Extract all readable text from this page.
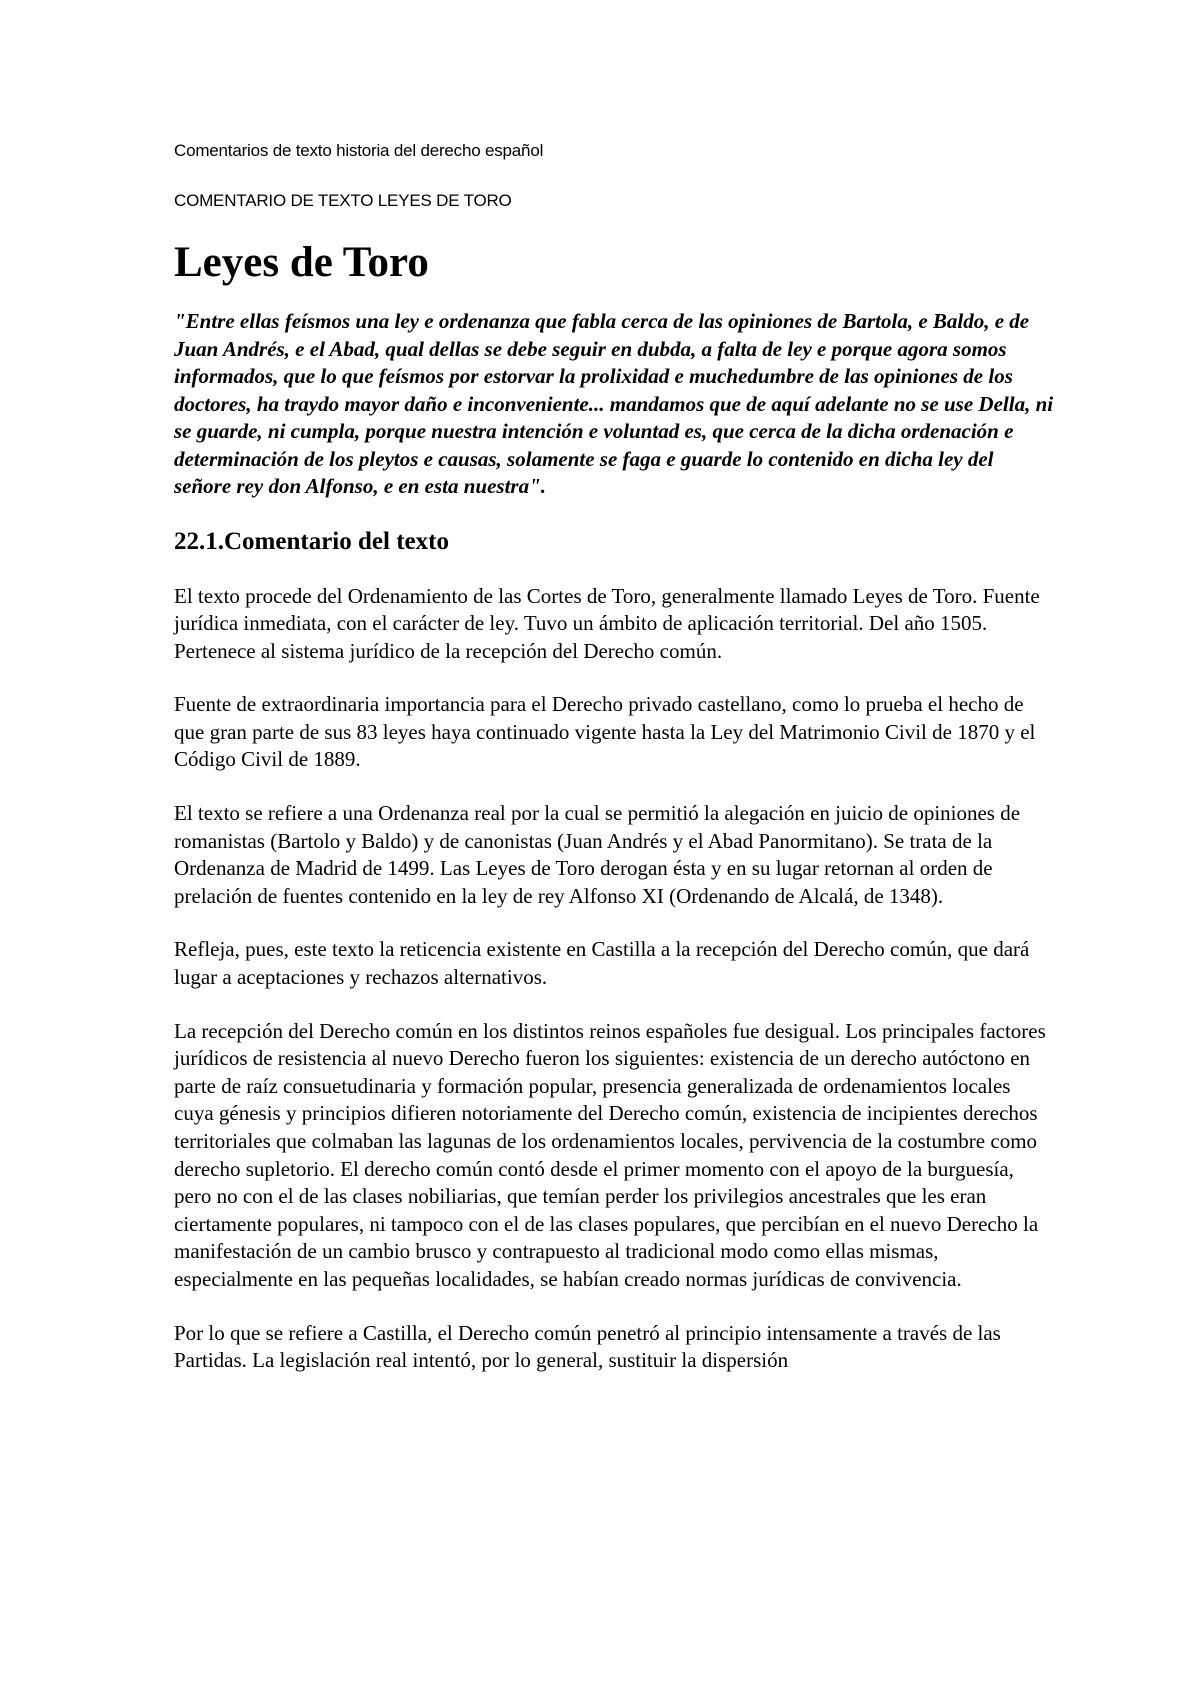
Comentarios de texto historia del derecho español

COMENTARIO DE TEXTO LEYES DE TORO

Leyes de Toro

"Entre ellas feísmos una ley e ordenanza que fabla cerca de las opiniones de Bartola, e Baldo, e de Juan Andrés, e el Abad, qual dellas se debe seguir en dubda, a falta de ley e porque agora somos informados, que lo que feísmos por estorvar la prolixidad e muchedumbre de las opiniones de los doctores, ha traydo mayor daño e inconveniente... mandamos que de aquí adelante no se use Della, ni se guarde, ni cumpla, porque nuestra intención e voluntad es, que cerca de la dicha ordenación e determinación de los pleytos e causas, solamente se faga e guarde lo contenido en dicha ley del señore rey don Alfonso, e en esta nuestra".

22.1.Comentario del texto

El texto procede del Ordenamiento de las Cortes de Toro, generalmente llamado Leyes de Toro. Fuente jurídica inmediata, con el carácter de ley. Tuvo un ámbito de aplicación territorial. Del año 1505. Pertenece al sistema jurídico de la recepción del Derecho común.

Fuente de extraordinaria importancia para el Derecho privado castellano, como lo prueba el hecho de que gran parte de sus 83 leyes haya continuado vigente hasta la Ley del Matrimonio Civil de 1870 y el Código Civil de 1889.

El texto se refiere a una Ordenanza real por la cual se permitió la alegación en juicio de opiniones de romanistas (Bartolo y Baldo) y de canonistas (Juan Andrés y el Abad Panormitano). Se trata de la Ordenanza de Madrid de 1499. Las Leyes de Toro derogan ésta y en su lugar retornan al orden de prelación de fuentes contenido en la ley de rey Alfonso XI (Ordenando de Alcalá, de 1348).

Refleja, pues, este texto la reticencia existente en Castilla a la recepción del Derecho común, que dará lugar a aceptaciones y rechazos alternativos.

La recepción del Derecho común en los distintos reinos españoles fue desigual. Los principales factores jurídicos de resistencia al nuevo Derecho fueron los siguientes: existencia de un derecho autóctono en parte de raíz consuetudinaria y formación popular, presencia generalizada de ordenamientos locales cuya génesis y principios difieren notoriamente del Derecho común, existencia de incipientes derechos territoriales que colmaban las lagunas de los ordenamientos locales, pervivencia de la costumbre como derecho supletorio. El derecho común contó desde el primer momento con el apoyo de la burguesía, pero no con el de las clases nobiliarias, que temían perder los privilegios ancestrales que les eran ciertamente populares, ni tampoco con el de las clases populares, que percibían en el nuevo Derecho la manifestación de un cambio brusco y contrapuesto al tradicional modo como ellas mismas, especialmente en las pequeñas localidades, se habían creado normas jurídicas de convivencia.

Por lo que se refiere a Castilla, el Derecho común penetró al principio intensamente a través de las Partidas. La legislación real intentó, por lo general, sustituir la dispersión
